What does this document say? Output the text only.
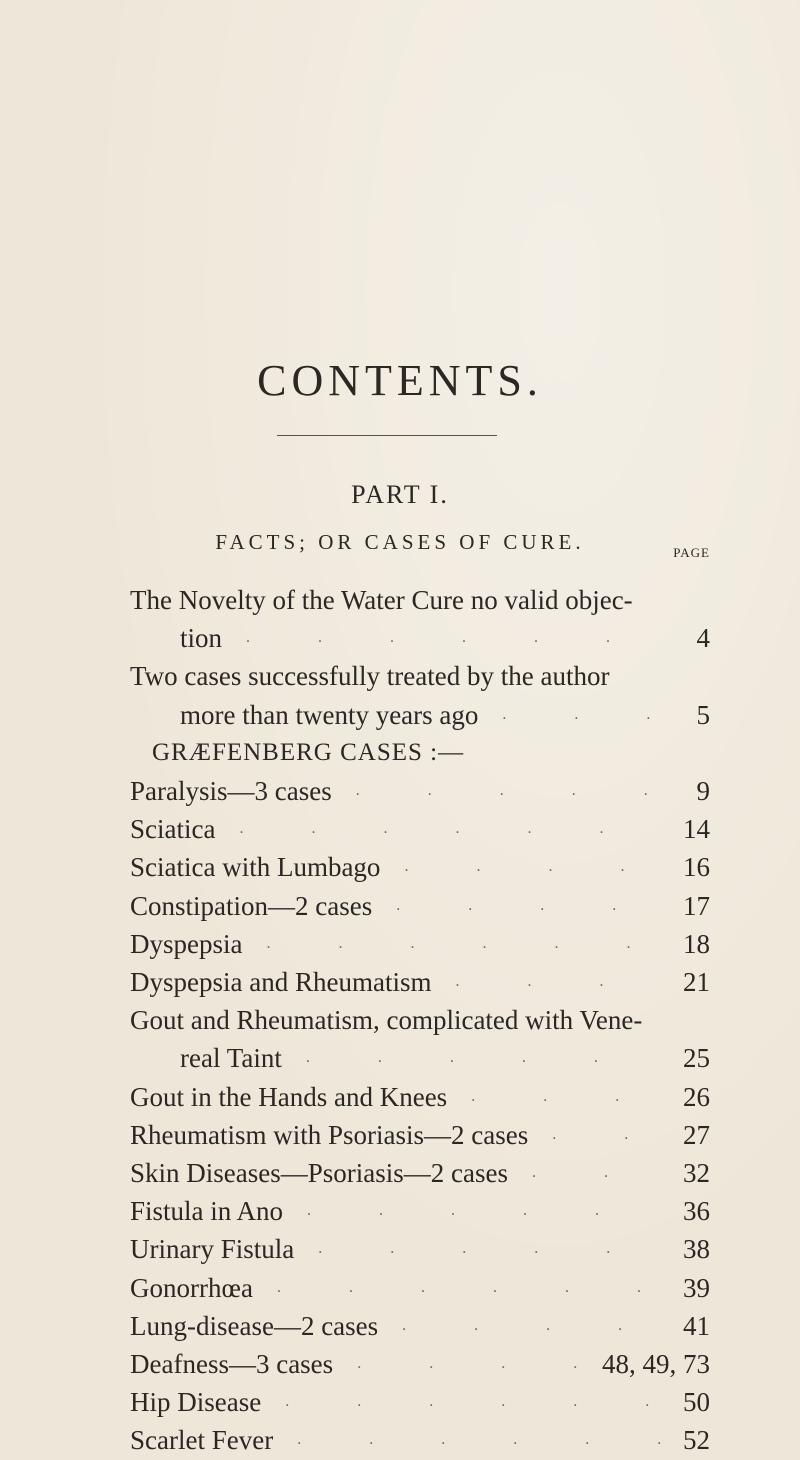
CONTENTS.
PART I.
FACTS; OR CASES OF CURE.	PAGE
The Novelty of the Water Cure no valid objec-
tion	4
.	.	.	.	.	.
Two cases successfully treated by the author
more than twenty years ago	5
.	.	.
GRÆFENBERG CASES :—
Paralysis—3 cases	9
.	.	.	.	.
Sciatica	14
.	.	.	.	.	.
Sciatica with Lumbago	16
.	.	.	.
Constipation—2 cases	17
.	.	.	.
Dyspepsia	18
.	.	.	.	.	.
Dyspepsia and Rheumatism	21
.	.	.
Gout and Rheumatism, complicated with Vene-
real Taint	25
.	.	.	.	.
Gout in the Hands and Knees	26
.	.	.
Rheumatism with Psoriasis—2 cases	27
.	.
Skin Diseases—Psoriasis—2 cases	32
.	.
Fistula in Ano	36
.	.	.	.	.
Urinary Fistula	38
.	.	.	.	.
Gonorrhœa	39
.	.	.	.	.	.
Lung-disease—2 cases	41
.	.	.	.
Deafness—3 cases	48, 49, 73
.	.	.	.
Hip Disease	50
.	.	.	.	.	.
Scarlet Fever	52
.	.	.	.	.	.
